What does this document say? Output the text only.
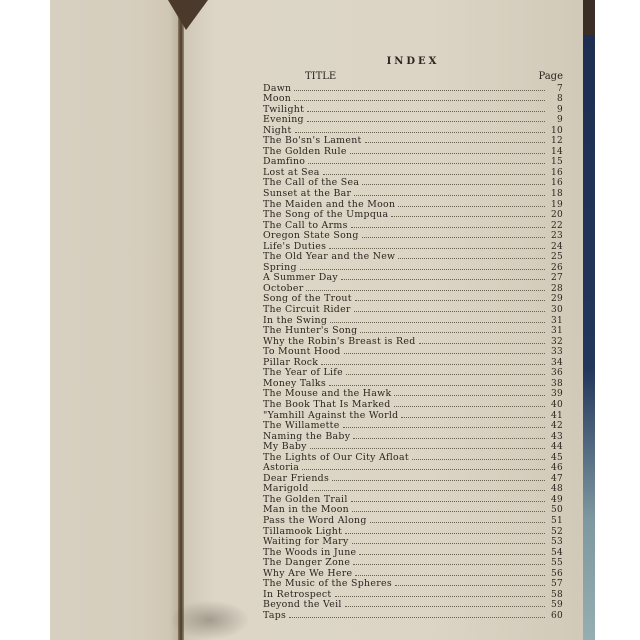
INDEX
TITLE	Page
Dawn	7
Moon	8
Twilight	9
Evening	9
Night	10
The Bo'sn's Lament	12
The Golden Rule	14
Damfino	15
Lost at Sea	16
The Call of the Sea	16
Sunset at the Bar	18
The Maiden and the Moon	19
The Song of the Umpqua	20
The Call to Arms	22
Oregon State Song	23
Life's Duties	24
The Old Year and the New	25
Spring	26
A Summer Day	27
October	28
Song of the Trout	29
The Circuit Rider	30
In the Swing	31
The Hunter's Song	31
Why the Robin's Breast is Red	32
To Mount Hood	33
Pillar Rock	34
The Year of Life	36
Money Talks	38
The Mouse and the Hawk	39
The Book That Is Marked	40
"Yamhill Against the World	41
The Willamette	42
Naming the Baby	43
My Baby	44
The Lights of Our City Afloat	45
Astoria	46
Dear Friends	47
Marigold	48
The Golden Trail	49
Man in the Moon	50
Pass the Word Along	51
Tillamook Light	52
Waiting for Mary	53
The Woods in June	54
The Danger Zone	55
Why Are We Here	56
The Music of the Spheres	57
In Retrospect	58
Beyond the Veil	59
Taps	60
